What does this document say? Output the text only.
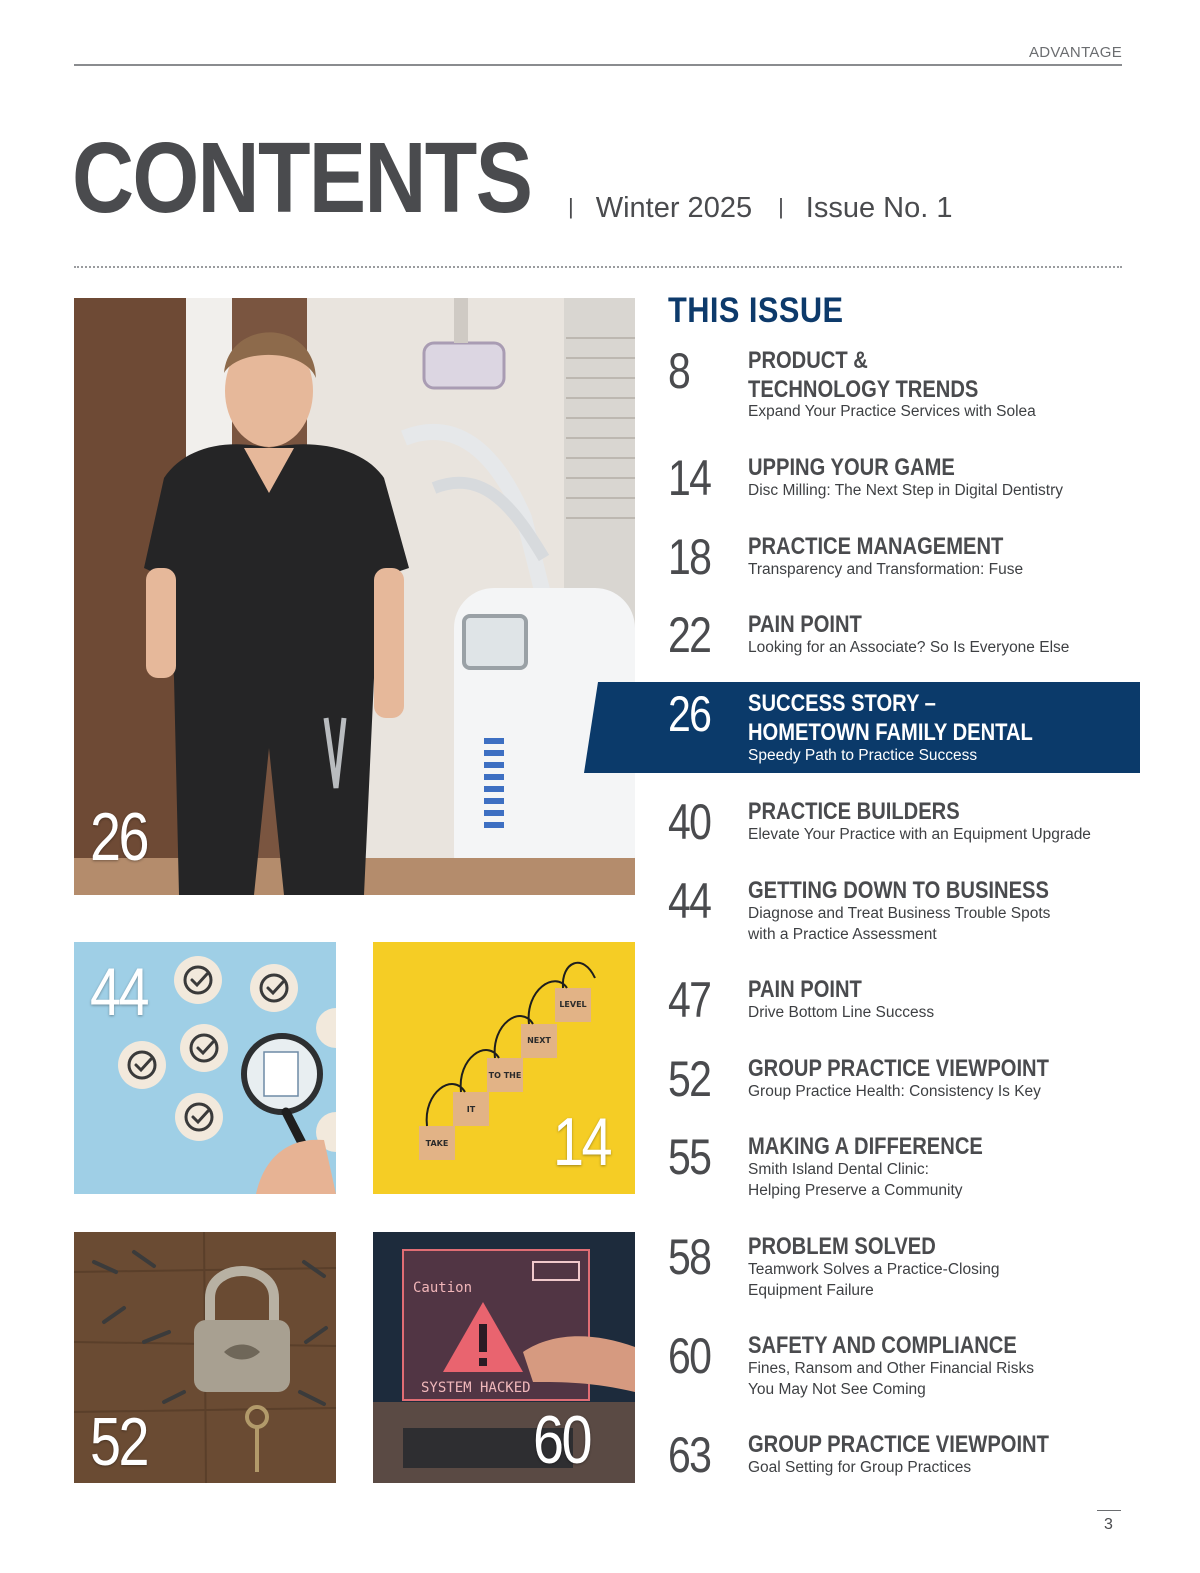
ADVANTAGE
CONTENTS | Winter 2025 | Issue No. 1
26
44
TAKE
IT
TO THE
NEXT
LEVEL
14
52
Caution
SYSTEM HACKED
60
THIS ISSUE
8	PRODUCT &
TECHNOLOGY TRENDS
Expand Your Practice Services with Solea
14	UPPING YOUR GAME
Disc Milling: The Next Step in Digital Dentistry
18	PRACTICE MANAGEMENT
Transparency and Transformation: Fuse
22	PAIN POINT
Looking for an Associate? So Is Everyone Else
26	SUCCESS STORY –
HOMETOWN FAMILY DENTAL
Speedy Path to Practice Success
40	PRACTICE BUILDERS
Elevate Your Practice with an Equipment Upgrade
44	GETTING DOWN TO BUSINESS
Diagnose and Treat Business Trouble Spots
with a Practice Assessment
47	PAIN POINT
Drive Bottom Line Success
52	GROUP PRACTICE VIEWPOINT
Group Practice Health: Consistency Is Key
55	MAKING A DIFFERENCE
Smith Island Dental Clinic:
Helping Preserve a Community
58	PROBLEM SOLVED
Teamwork Solves a Practice-Closing
Equipment Failure
60	SAFETY AND COMPLIANCE
Fines, Ransom and Other Financial Risks
You May Not See Coming
63	GROUP PRACTICE VIEWPOINT
Goal Setting for Group Practices
3
